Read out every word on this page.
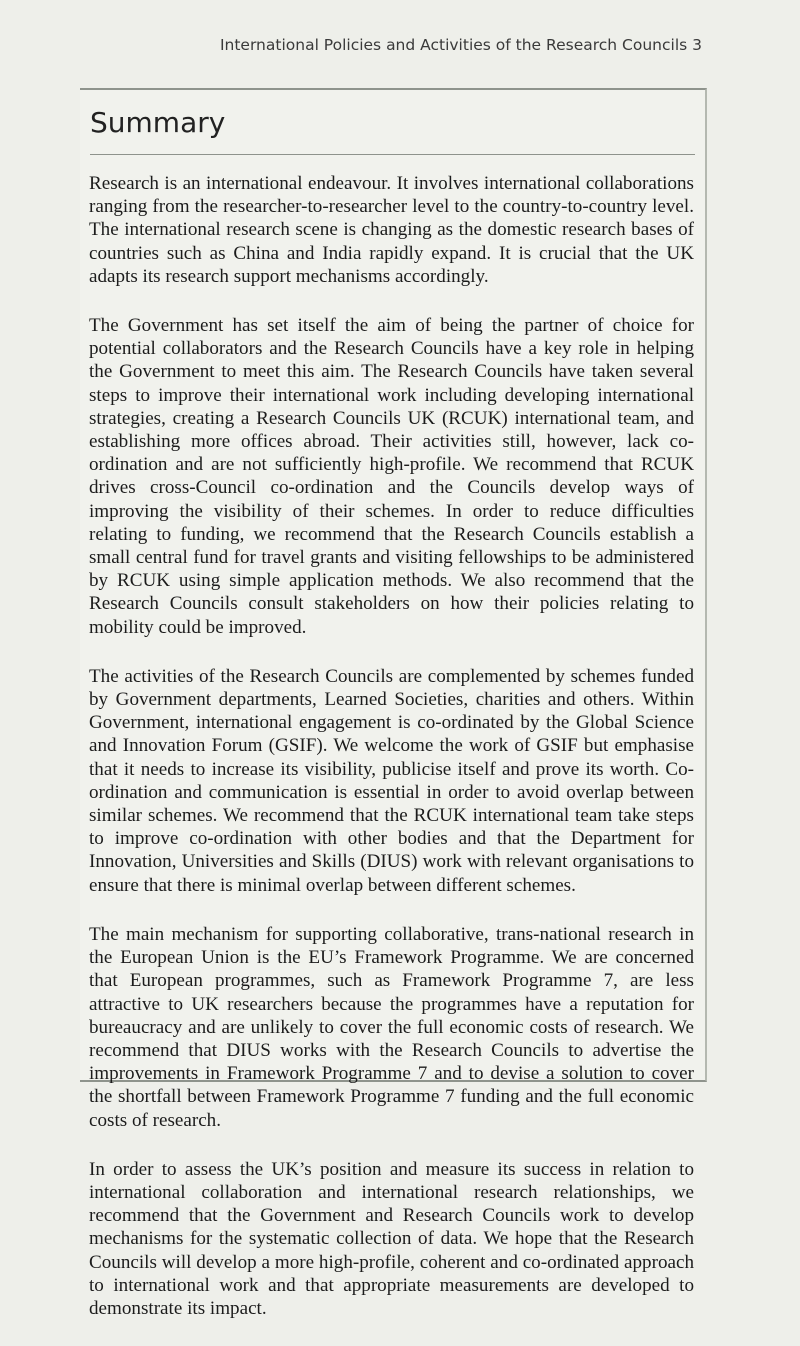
International Policies and Activities of the Research Councils 3
Summary

Research is an international endeavour. It involves international collaborations ranging from the researcher-to-researcher level to the country-to-country level. The international research scene is changing as the domestic research bases of countries such as China and India rapidly expand. It is crucial that the UK adapts its research support mechanisms accordingly.

The Government has set itself the aim of being the partner of choice for potential collaborators and the Research Councils have a key role in helping the Government to meet this aim. The Research Councils have taken several steps to improve their international work including developing international strategies, creating a Research Councils UK (RCUK) international team, and establishing more offices abroad. Their activities still, however, lack co-ordination and are not sufficiently high-profile. We recommend that RCUK drives cross-Council co-ordination and the Councils develop ways of improving the visibility of their schemes. In order to reduce difficulties relating to funding, we recommend that the Research Councils establish a small central fund for travel grants and visiting fellowships to be administered by RCUK using simple application methods. We also recommend that the Research Councils consult stakeholders on how their policies relating to mobility could be improved.

The activities of the Research Councils are complemented by schemes funded by Government departments, Learned Societies, charities and others. Within Government, international engagement is co-ordinated by the Global Science and Innovation Forum (GSIF). We welcome the work of GSIF but emphasise that it needs to increase its visibility, publicise itself and prove its worth. Co-ordination and communication is essential in order to avoid overlap between similar schemes. We recommend that the RCUK international team take steps to improve co-ordination with other bodies and that the Department for Innovation, Universities and Skills (DIUS) work with relevant organisations to ensure that there is minimal overlap between different schemes.

The main mechanism for supporting collaborative, trans-national research in the European Union is the EU’s Framework Programme. We are concerned that European programmes, such as Framework Programme 7, are less attractive to UK researchers because the programmes have a reputation for bureaucracy and are unlikely to cover the full economic costs of research. We recommend that DIUS works with the Research Councils to advertise the improvements in Framework Programme 7 and to devise a solution to cover the shortfall between Framework Programme 7 funding and the full economic costs of research.

In order to assess the UK’s position and measure its success in relation to international collaboration and international research relationships, we recommend that the Government and Research Councils work to develop mechanisms for the systematic collection of data. We hope that the Research Councils will develop a more high-profile, coherent and co-ordinated approach to international work and that appropriate measurements are developed to demonstrate its impact.
